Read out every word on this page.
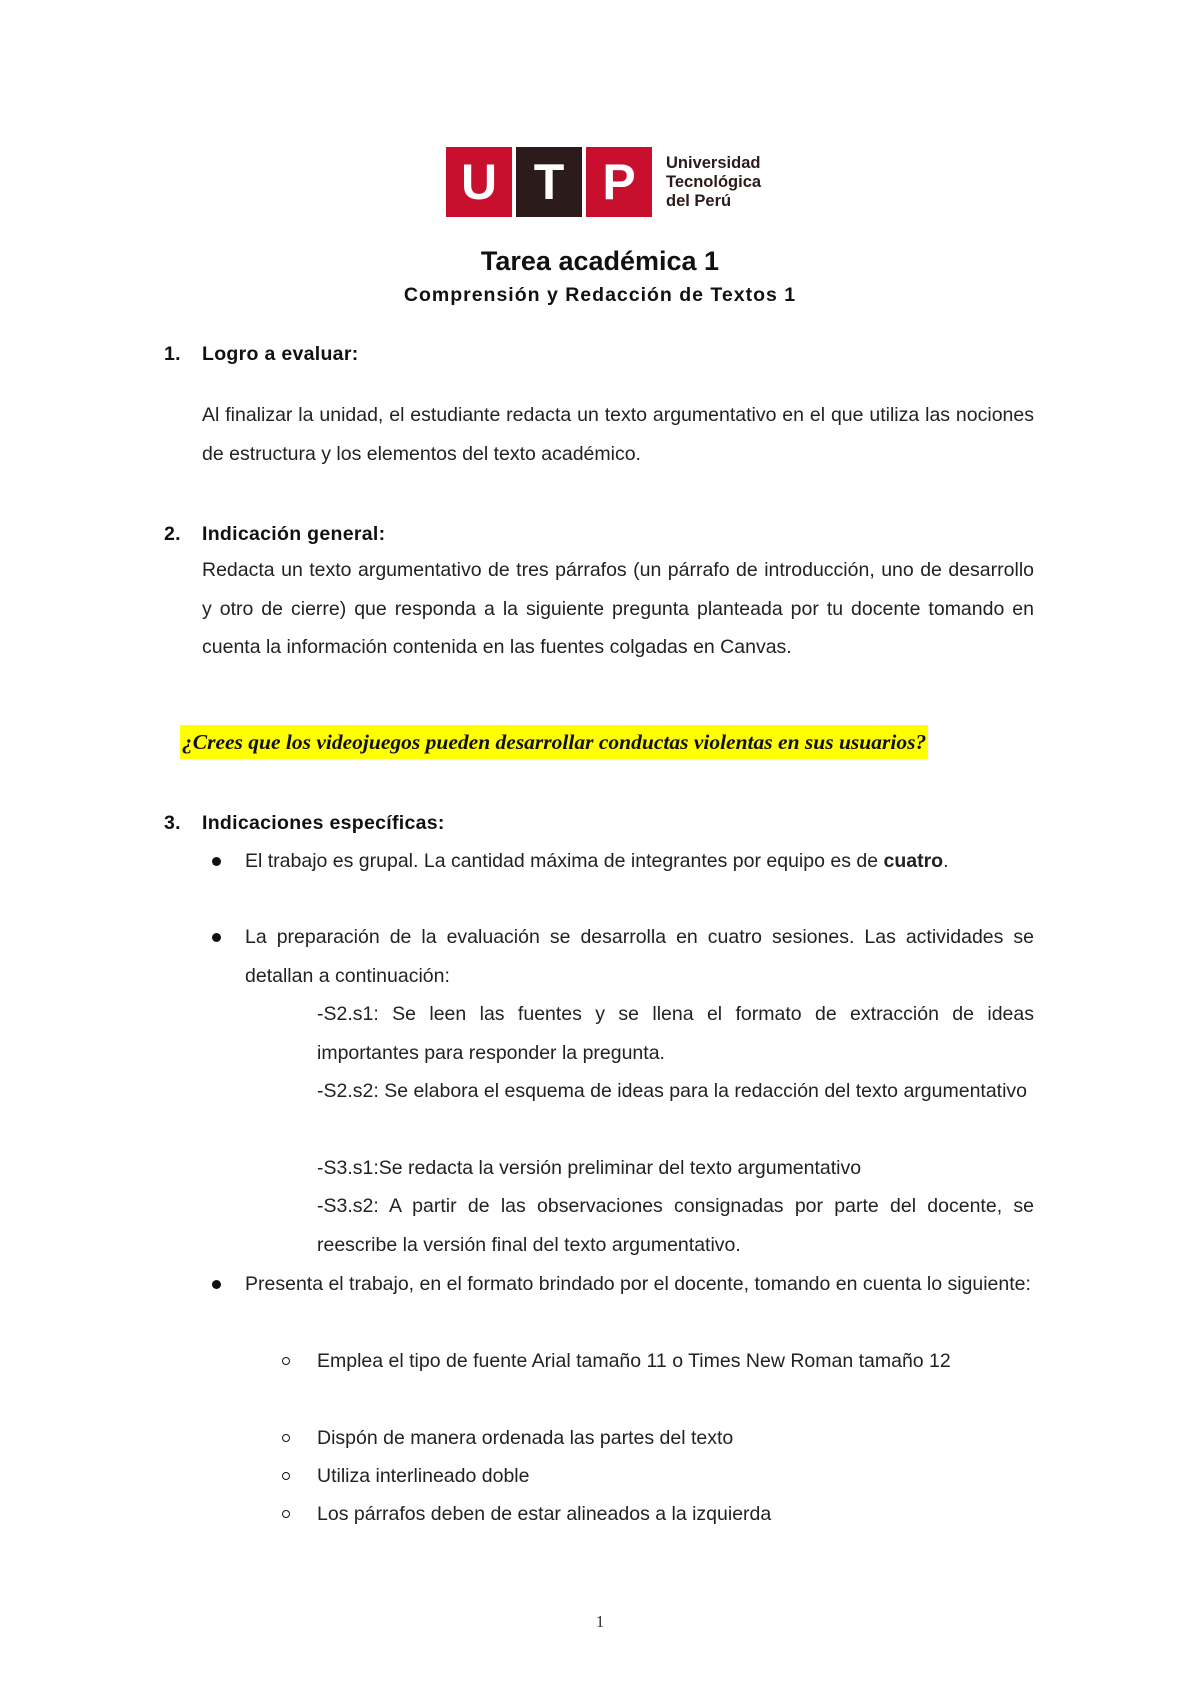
U T P	Universidad
Tecnológica
del Perú
Tarea académica 1
Comprensión y Redacción de Textos 1
1. Logro a evaluar:
Al finalizar la unidad, el estudiante redacta un texto argumentativo en el que utiliza las nociones de estructura y los elementos del texto académico.
2. Indicación general:
Redacta un texto argumentativo de tres párrafos (un párrafo de introducción, uno de desarrollo y otro de cierre) que responda a la siguiente pregunta planteada por tu docente tomando en cuenta la información contenida en las fuentes colgadas en Canvas.
¿Crees que los videojuegos pueden desarrollar conductas violentas en sus usuarios?
3. Indicaciones específicas:
El trabajo es grupal. La cantidad máxima de integrantes por equipo es de cuatro.
La preparación de la evaluación se desarrolla en cuatro sesiones. Las actividades se detallan a continuación:
-S2.s1: Se leen las fuentes y se llena el formato de extracción de ideas importantes para responder la pregunta.
-S2.s2: Se elabora el esquema de ideas para la redacción del texto argumentativo
-S3.s1:Se redacta la versión preliminar del texto argumentativo
-S3.s2: A partir de las observaciones consignadas por parte del docente, se reescribe la versión final del texto argumentativo.
Presenta el trabajo, en el formato brindado por el docente, tomando en cuenta lo siguiente:
Emplea el tipo de fuente Arial tamaño 11 o Times New Roman tamaño 12
Dispón de manera ordenada las partes del texto
Utiliza interlineado doble
Los párrafos deben de estar alineados a la izquierda
1
